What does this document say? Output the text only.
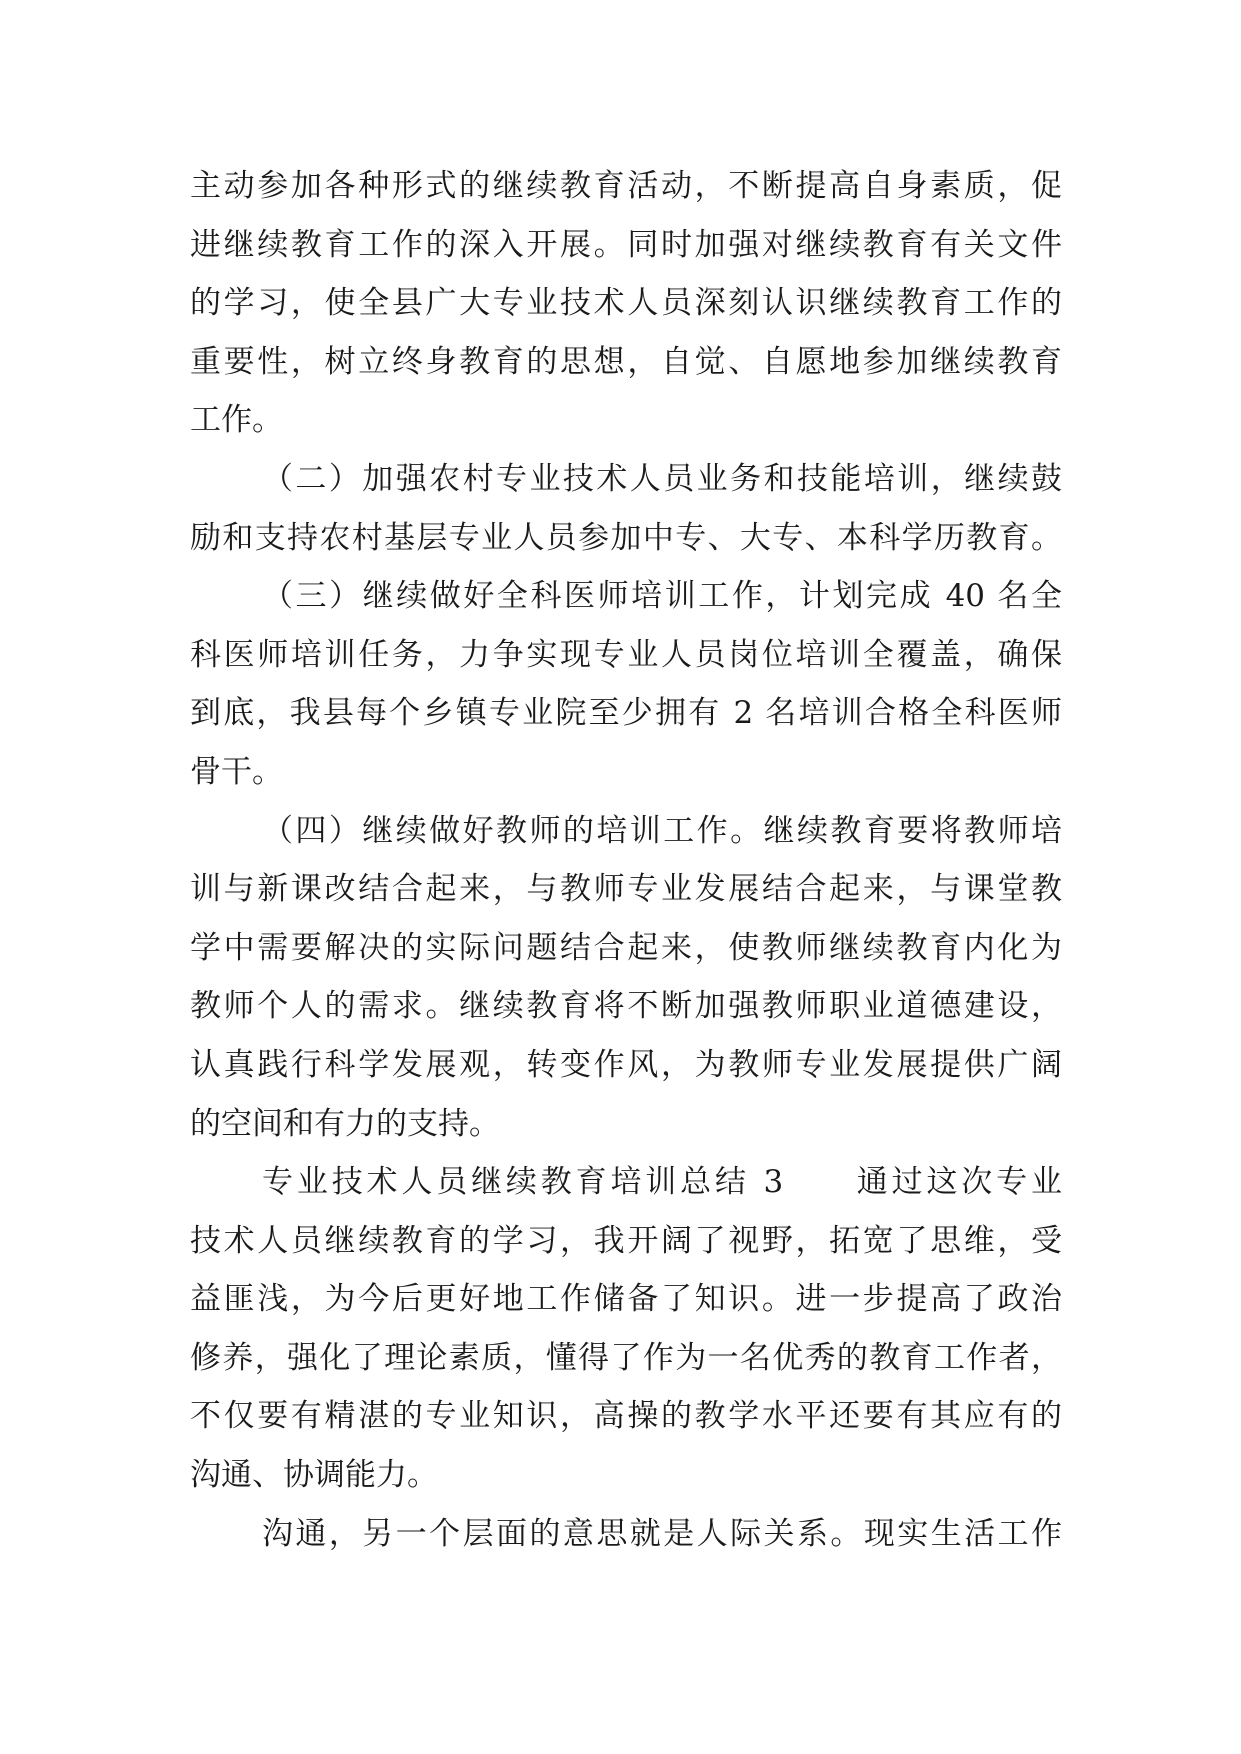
主动参加各种形式的继续教育活动，不断提高自身素质，促
进继续教育工作的深入开展。同时加强对继续教育有关文件
的学习，使全县广大专业技术人员深刻认识继续教育工作的
重要性，树立终身教育的思想，自觉、自愿地参加继续教育
工作。
（二）加强农村专业技术人员业务和技能培训，继续鼓
励和支持农村基层专业人员参加中专、大专、本科学历教育。
（三）继续做好全科医师培训工作，计划完成 40 名全
科医师培训任务，力争实现专业人员岗位培训全覆盖，确保
到底，我县每个乡镇专业院至少拥有 2 名培训合格全科医师
骨干。
（四）继续做好教师的培训工作。继续教育要将教师培
训与新课改结合起来，与教师专业发展结合起来，与课堂教
学中需要解决的实际问题结合起来，使教师继续教育内化为
教师个人的需求。继续教育将不断加强教师职业道德建设，
认真践行科学发展观，转变作风，为教师专业发展提供广阔
的空间和有力的支持。
专业技术人员继续教育培训总结 3　　通过这次专业
技术人员继续教育的学习，我开阔了视野，拓宽了思维，受
益匪浅，为今后更好地工作储备了知识。进一步提高了政治
修养，强化了理论素质，懂得了作为一名优秀的教育工作者，
不仅要有精湛的专业知识，高操的教学水平还要有其应有的
沟通、协调能力。
沟通，另一个层面的意思就是人际关系。现实生活工作
